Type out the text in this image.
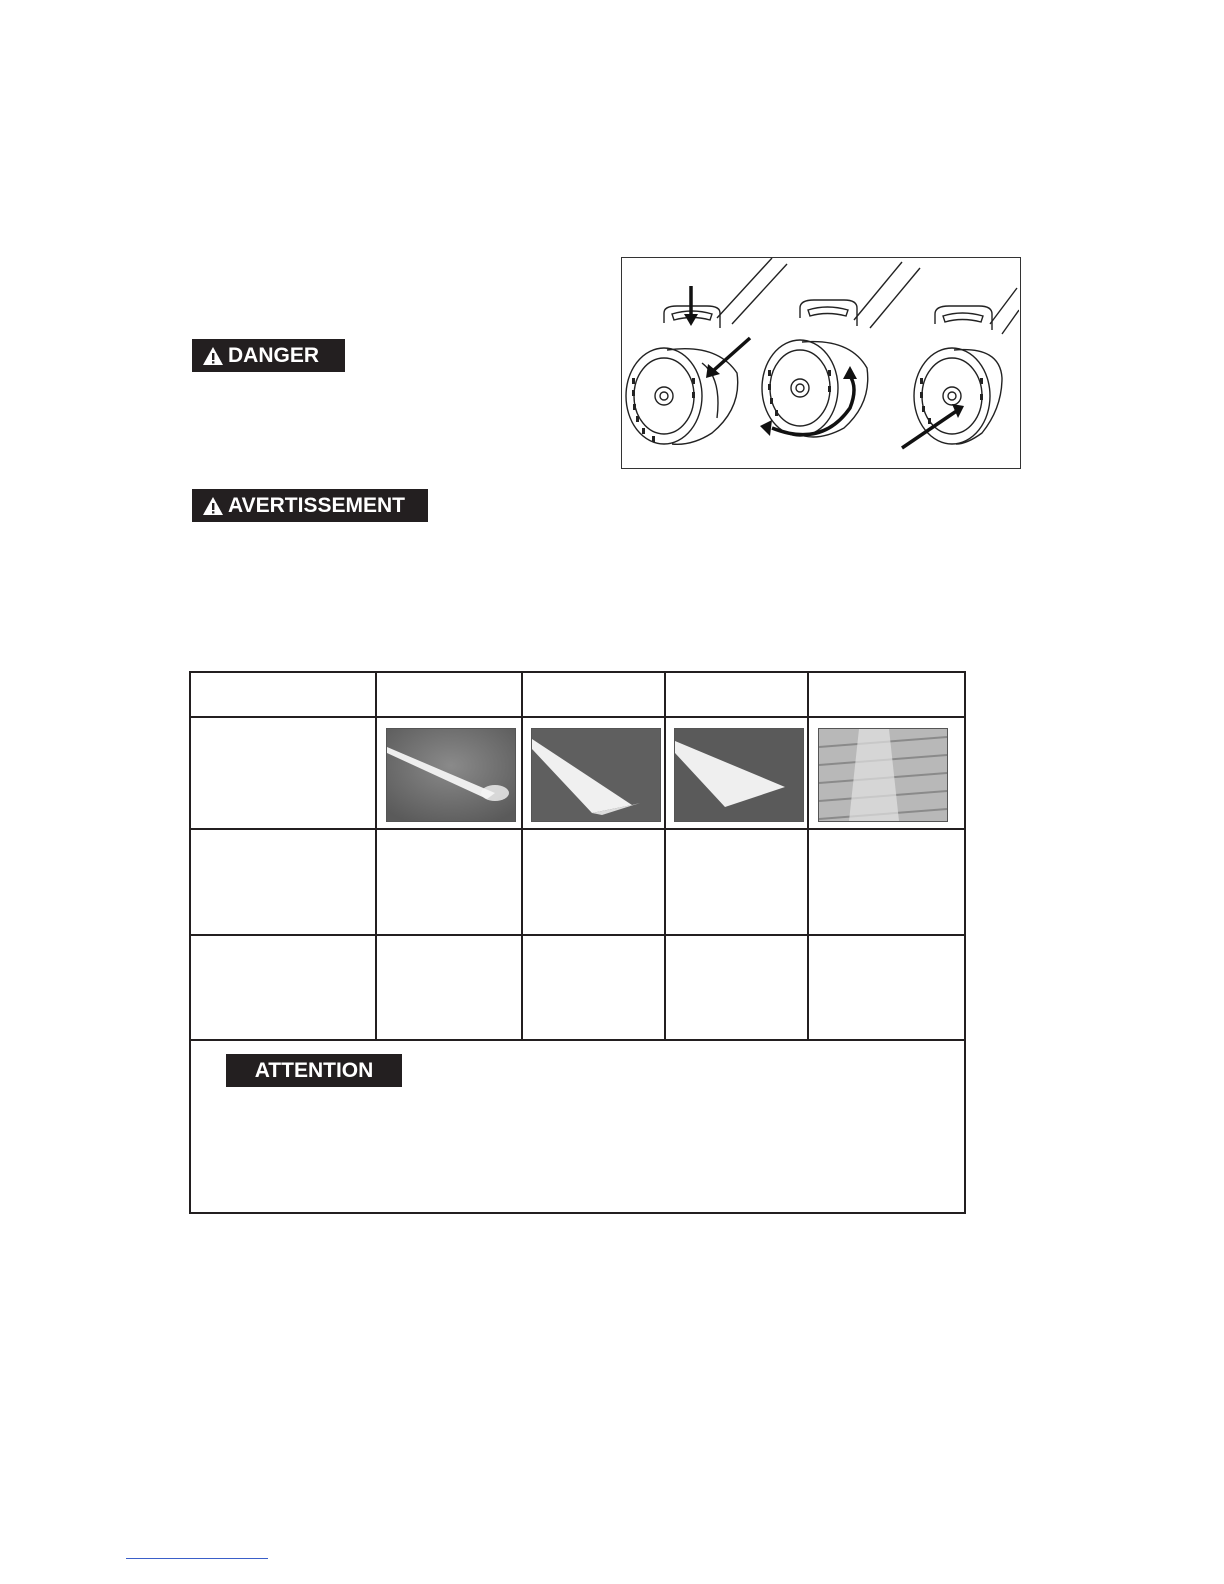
DANGER
AVERTISSEMENT
ATTENTION
